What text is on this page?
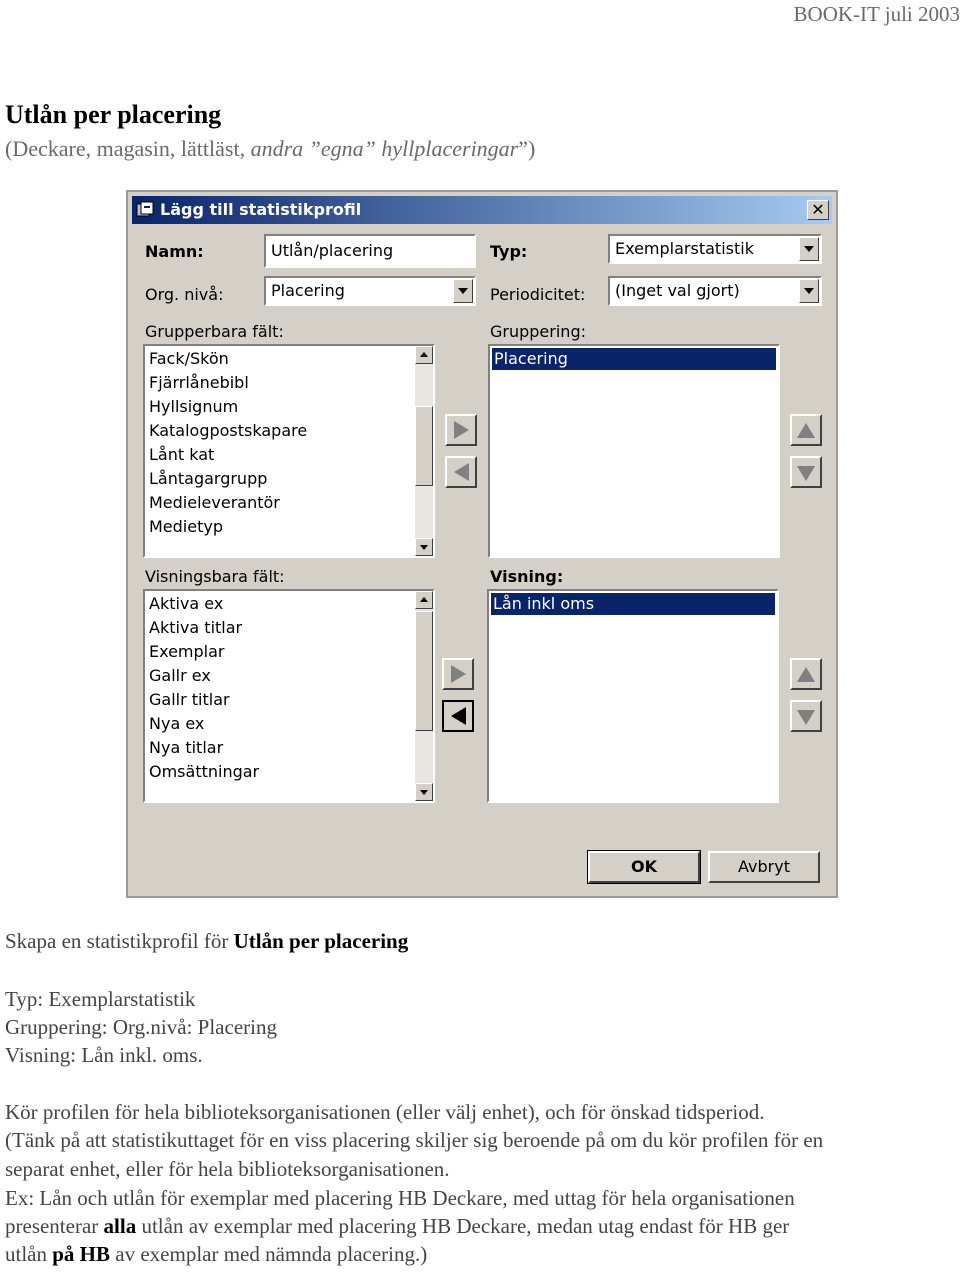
BOOK-IT juli 2003
Utlån per placering
(Deckare, magasin, lättläst, andra ”egna” hyllplaceringar”)
Lägg till statistikprofil	✕
Namn:	Utlån/placering	Typ:	Exemplarstatistik
Org. nivå:	Placering	Periodicitet: (Inget val gjort)
Grupperbara fält:
Fack/Skön
Fjärrlånebibl
Hyllsignum
Katalogpostskapare
Lånt kat
Låntagargrupp
Medieleverantör
Medietyp
Gruppering:
Placering
Visningsbara fält:
Aktiva ex
Aktiva titlar
Exemplar
Gallr ex
Gallr titlar
Nya ex
Nya titlar
Omsättningar
Visning:
Lån inkl oms
OK	Avbryt
Skapa en statistikprofil för Utlån per placering
Typ: Exemplarstatistik
Gruppering: Org.nivå: Placering
Visning: Lån inkl. oms.
Kör profilen för hela biblioteksorganisationen (eller välj enhet), och för önskad tidsperiod.
(Tänk på att statistikuttaget för en viss placering skiljer sig beroende på om du kör profilen för en
separat enhet, eller för hela biblioteksorganisationen.
Ex: Lån och utlån för exemplar med placering HB Deckare, med uttag för hela organisationen
presenterar alla utlån av exemplar med placering HB Deckare, medan utag endast för HB ger
utlån på HB av exemplar med nämnda placering.)
